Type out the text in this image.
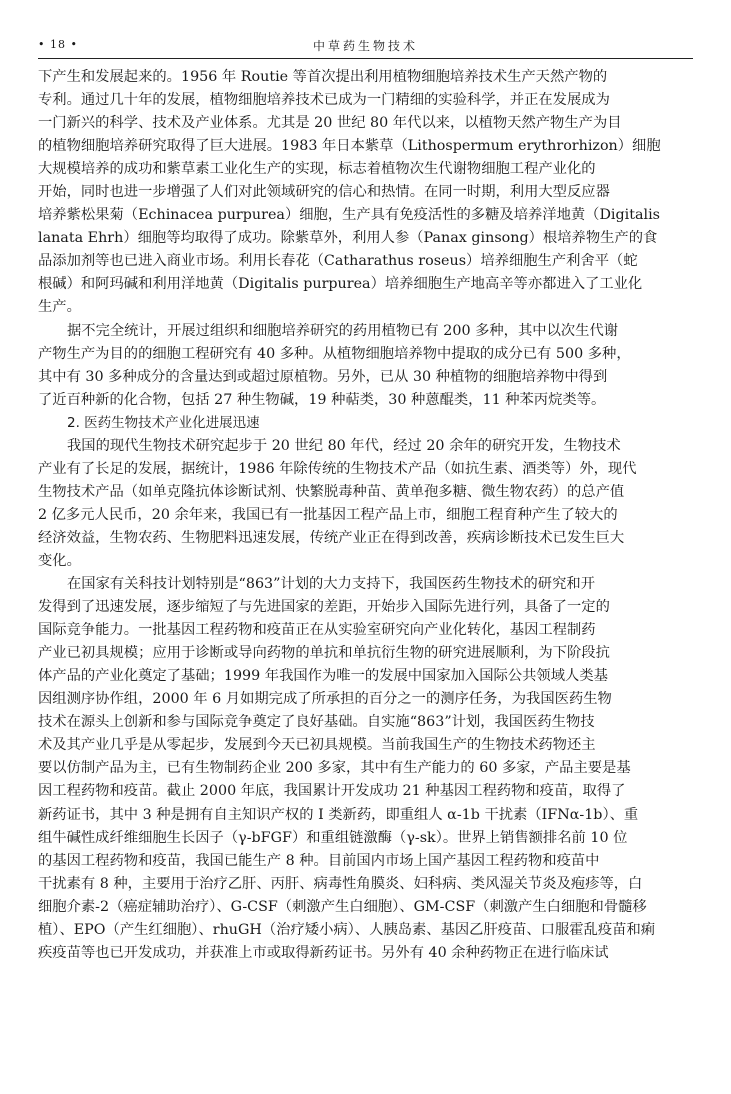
• 18 •	中草药生物技术
下产生和发展起来的。1956 年 Routie 等首次提出利用植物细胞培养技术生产天然产物的
专利。通过几十年的发展，植物细胞培养技术已成为一门精细的实验科学，并正在发展成为
一门新兴的科学、技术及产业体系。尤其是 20 世纪 80 年代以来，以植物天然产物生产为目
的植物细胞培养研究取得了巨大进展。1983 年日本紫草（Lithospermum erythrorhizon）细胞
大规模培养的成功和紫草素工业化生产的实现，标志着植物次生代谢物细胞工程产业化的
开始，同时也进一步增强了人们对此领域研究的信心和热情。在同一时期，利用大型反应器
培养紫松果菊（Echinacea purpurea）细胞，生产具有免疫活性的多糖及培养洋地黄（Digitalis
lanata Ehrh）细胞等均取得了成功。除紫草外，利用人参（Panax ginsong）根培养物生产的食
品添加剂等也已进入商业市场。利用长春花（Catharathus roseus）培养细胞生产利舍平（蛇
根碱）和阿玛碱和利用洋地黄（Digitalis purpurea）培养细胞生产地高辛等亦都进入了工业化
生产。
据不完全统计，开展过组织和细胞培养研究的药用植物已有 200 多种，其中以次生代谢
产物生产为目的的细胞工程研究有 40 多种。从植物细胞培养物中提取的成分已有 500 多种，
其中有 30 多种成分的含量达到或超过原植物。另外，已从 30 种植物的细胞培养物中得到
了近百种新的化合物，包括 27 种生物碱，19 种萜类，30 种蒽醌类，11 种苯丙烷类等。
2. 医药生物技术产业化进展迅速
我国的现代生物技术研究起步于 20 世纪 80 年代，经过 20 余年的研究开发，生物技术
产业有了长足的发展，据统计，1986 年除传统的生物技术产品（如抗生素、酒类等）外，现代
生物技术产品（如单克隆抗体诊断试剂、快繁脱毒种苗、黄单孢多糖、微生物农药）的总产值
2 亿多元人民币，20 余年来，我国已有一批基因工程产品上市，细胞工程育种产生了较大的
经济效益，生物农药、生物肥料迅速发展，传统产业正在得到改善，疾病诊断技术已发生巨大
变化。
在国家有关科技计划特别是“863”计划的大力支持下，我国医药生物技术的研究和开
发得到了迅速发展，逐步缩短了与先进国家的差距，开始步入国际先进行列，具备了一定的
国际竞争能力。一批基因工程药物和疫苗正在从实验室研究向产业化转化，基因工程制药
产业已初具规模；应用于诊断或导向药物的单抗和单抗衍生物的研究进展顺利，为下阶段抗
体产品的产业化奠定了基础；1999 年我国作为唯一的发展中国家加入国际公共领域人类基
因组测序协作组，2000 年 6 月如期完成了所承担的百分之一的测序任务，为我国医药生物
技术在源头上创新和参与国际竞争奠定了良好基础。自实施“863”计划，我国医药生物技
术及其产业几乎是从零起步，发展到今天已初具规模。当前我国生产的生物技术药物还主
要以仿制产品为主，已有生物制药企业 200 多家，其中有生产能力的 60 多家，产品主要是基
因工程药物和疫苗。截止 2000 年底，我国累计开发成功 21 种基因工程药物和疫苗，取得了
新药证书，其中 3 种是拥有自主知识产权的 I 类新药，即重组人 α-1b 干扰素（IFNα-1b）、重
组牛碱性成纤维细胞生长因子（γ-bFGF）和重组链激酶（γ-sk）。世界上销售额排名前 10 位
的基因工程药物和疫苗，我国已能生产 8 种。目前国内市场上国产基因工程药物和疫苗中
干扰素有 8 种，主要用于治疗乙肝、丙肝、病毒性角膜炎、妇科病、类风湿关节炎及疱疹等，白
细胞介素-2（癌症辅助治疗）、G-CSF（刺激产生白细胞）、GM-CSF（刺激产生白细胞和骨髓移
植）、EPO（产生红细胞）、rhuGH（治疗矮小病）、人胰岛素、基因乙肝疫苗、口服霍乱疫苗和痢
疾疫苗等也已开发成功，并获准上市或取得新药证书。另外有 40 余种药物正在进行临床试
